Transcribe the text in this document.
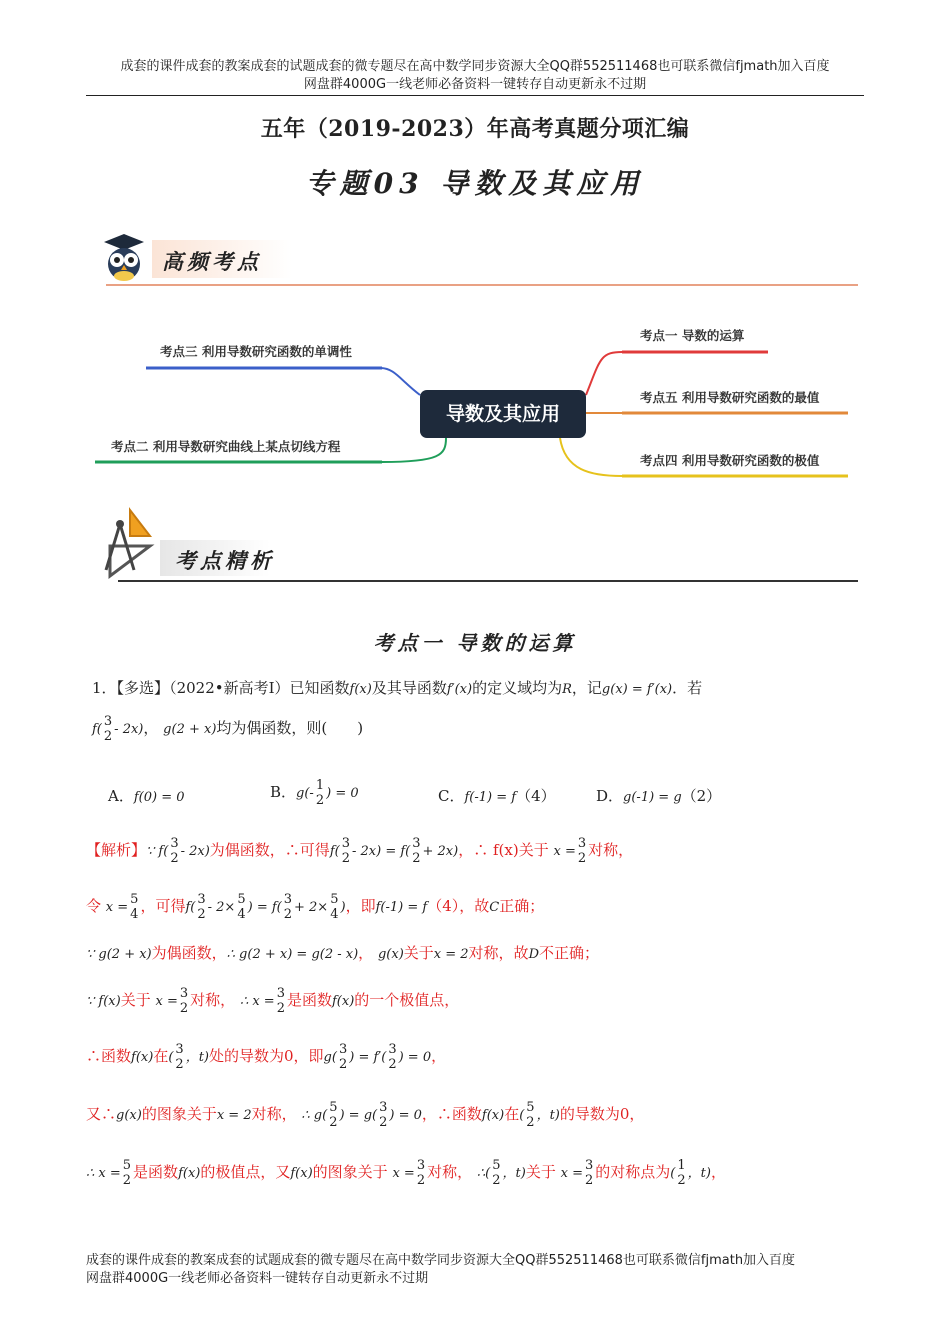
成套的课件成套的教案成套的试题成套的微专题尽在高中数学同步资源大全QQ群552511468也可联系微信fjmath加入百度
网盘群4000G一线老师必备资料一键转存自动更新永不过期
五年（2019-2023）年高考真题分项汇编
专题03 导数及其应用
高频考点
导数及其应用
考点三 利用导数研究函数的单调性
考点二 利用导数研究曲线上某点切线方程
考点一 导数的运算
考点五 利用导数研究函数的最值
考点四 利用导数研究函数的极值
考点精析
考点一 导数的运算
1．【多选】（2022•新高考Ⅰ）已知函数f(x)及其导函数f′(x)的定义域均为R，记g(x) = f′(x)．若
f(
3
2 - 2x)， g(2 + x)均为偶函数，则(　　)
A．f(0) = 0	B．g(-
1
2 ) = 0	C．f(-1) = f（4）	D．g(-1) = g（2）
【解析】∵ f(
3
2 - 2x)为偶函数，∴可得f(
3
2 - 2x) = f(
3
2 + 2x)，∴ f(x)关于 x =
3
2 对称，
令 x =
5
4 ，可得f(
3
2 - 2×
5
4 ) = f(
3
2 + 2×
5
4 )，即f(-1) = f（4），故C正确；
∵ g(2 + x)为偶函数，∴ g(2 + x) = g(2 - x)， g(x)关于x = 2对称，故D不正确；
∵ f(x)关于 x =
3
2 对称， ∴ x =
3
2 是函数f(x)的一个极值点，
∴函数f(x)在(
3
2 ，t)处的导数为0，即g(
3
2 ) = f′(
3
2 ) = 0，
又∴g(x)的图象关于x = 2对称， ∴ g(
5
2 ) = g(
3
2 ) = 0，∴函数f(x)在(
5
2 ，t)的导数为0，
∴ x =
5
2 是函数f(x)的极值点，又f(x)的图象关于 x =
3
2 对称， ∴(
5
2 ，t)关于 x =
3
2 的对称点为(
1
2 ，t)，
成套的课件成套的教案成套的试题成套的微专题尽在高中数学同步资源大全QQ群552511468也可联系微信fjmath加入百度
网盘群4000G一线老师必备资料一键转存自动更新永不过期
